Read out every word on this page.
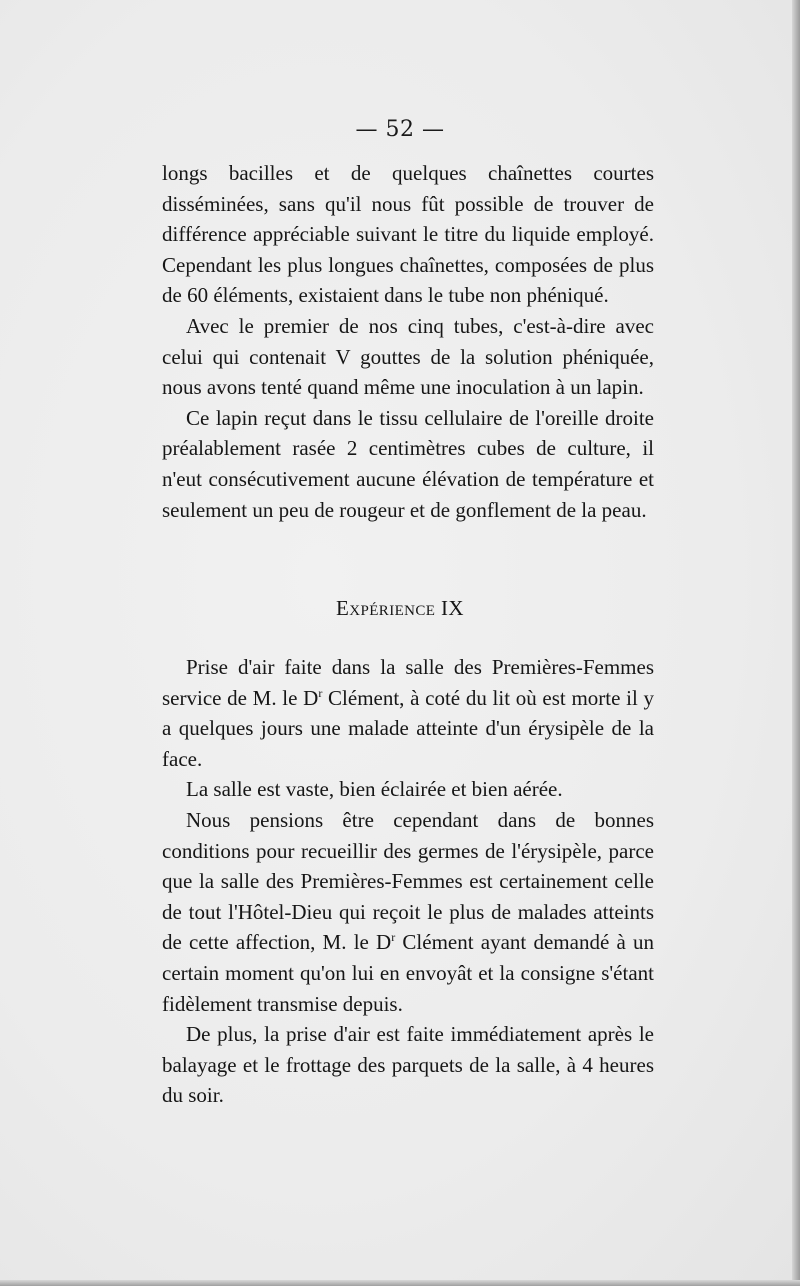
— 52 —

longs bacilles et de quelques chaînettes courtes disséminées, sans qu'il nous fût possible de trouver de différence appréciable suivant le titre du liquide employé. Cependant les plus longues chaînettes, composées de plus de 60 éléments, existaient dans le tube non phéniqué.

Avec le premier de nos cinq tubes, c'est-à-dire avec celui qui contenait V gouttes de la solution phéniquée, nous avons tenté quand même une inoculation à un lapin.

Ce lapin reçut dans le tissu cellulaire de l'oreille droite préalablement rasée 2 centimètres cubes de culture, il n'eut consécutivement aucune élévation de température et seulement un peu de rougeur et de gonflement de la peau.

Expérience IX

Prise d'air faite dans la salle des Premières-Femmes service de M. le $D^r$ Clément, à coté du lit où est morte il y a quelques jours une malade atteinte d'un érysipèle de la face.

La salle est vaste, bien éclairée et bien aérée.

Nous pensions être cependant dans de bonnes conditions pour recueillir des germes de l'érysipèle, parce que la salle des Premières-Femmes est certainement celle de tout l'Hôtel-Dieu qui reçoit le plus de malades atteints de cette affection, M. le $D^r$ Clément ayant demandé à un certain moment qu'on lui en envoyât et la consigne s'étant fidèlement transmise depuis.

De plus, la prise d'air est faite immédiatement après le balayage et le frottage des parquets de la salle, à 4 heures du soir.
